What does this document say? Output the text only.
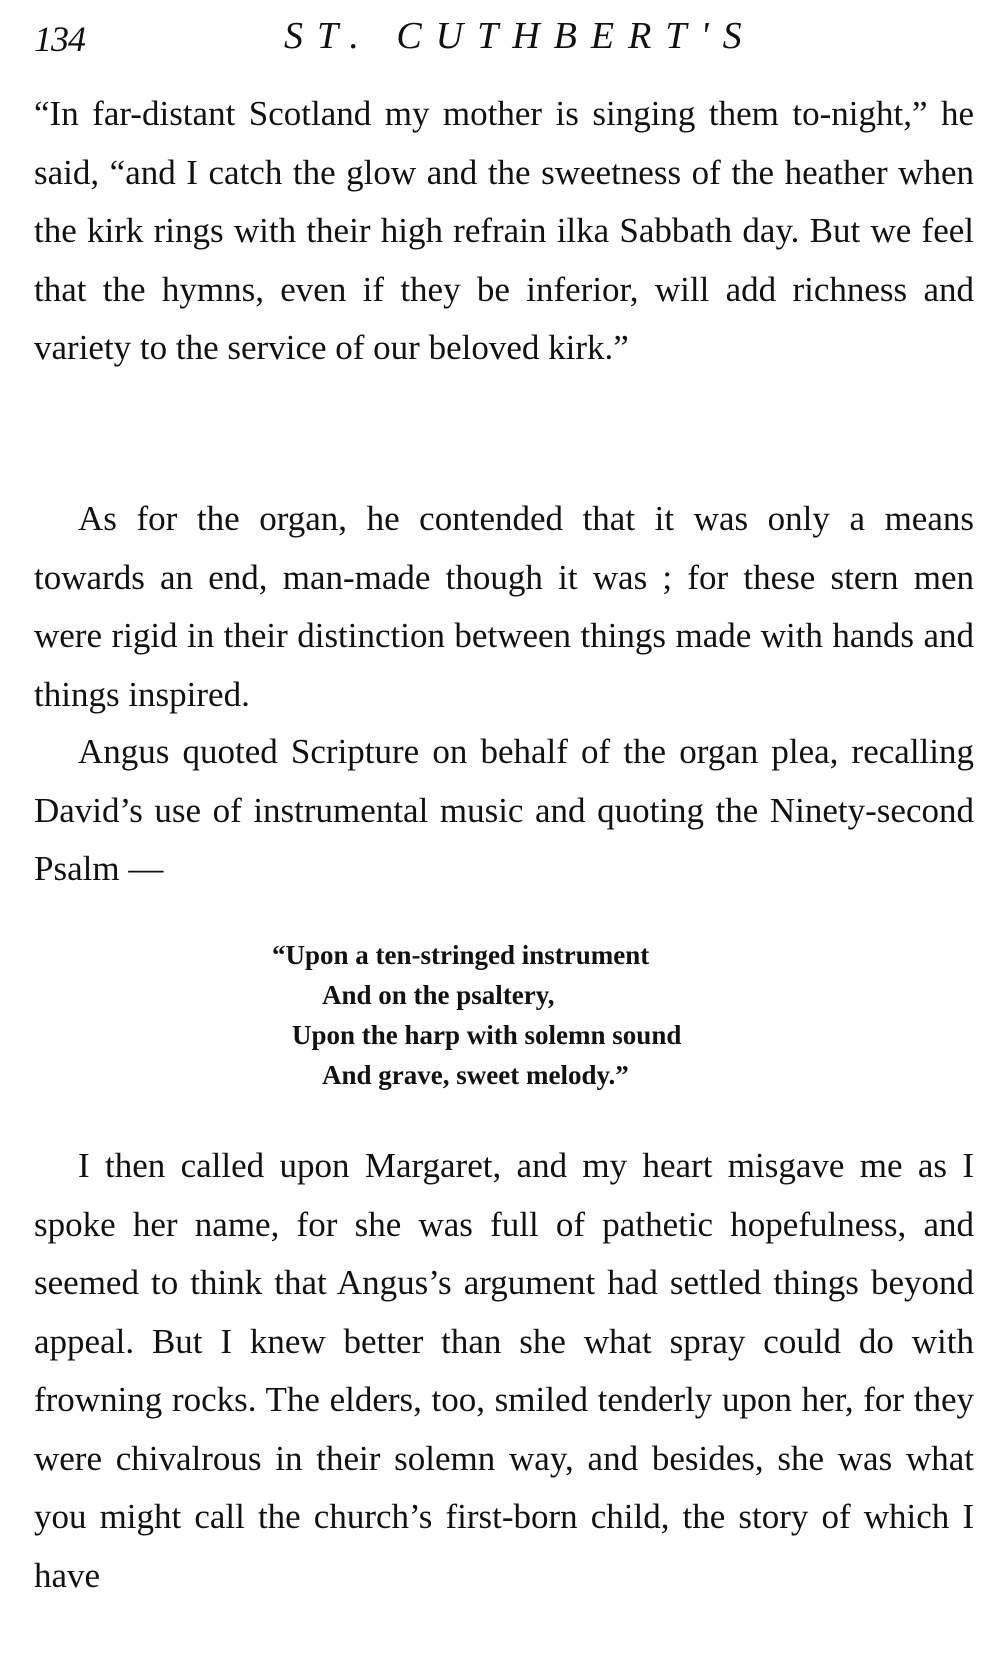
134	ST. CUTHBERT'S

“In far-distant Scotland my mother is singing them to-night,” he said, “and I catch the glow and the sweetness of the heather when the kirk rings with their high refrain ilka Sabbath day. But we feel that the hymns, even if they be inferior, will add richness and variety to the service of our beloved kirk.”

As for the organ, he contended that it was only a means towards an end, man-made though it was ; for these stern men were rigid in their distinction between things made with hands and things inspired.

Angus quoted Scripture on behalf of the organ plea, recalling David’s use of instrumental music and quoting the Ninety-second Psalm —

“Upon a ten-stringed instrument
And on the psaltery,
Upon the harp with solemn sound
And grave, sweet melody.”

I then called upon Margaret, and my heart misgave me as I spoke her name, for she was full of pathetic hopefulness, and seemed to think that Angus’s argument had settled things beyond appeal. But I knew better than she what spray could do with frowning rocks. The elders, too, smiled tenderly upon her, for they were chivalrous in their solemn way, and besides, she was what you might call the church’s first-born child, the story of which I have
